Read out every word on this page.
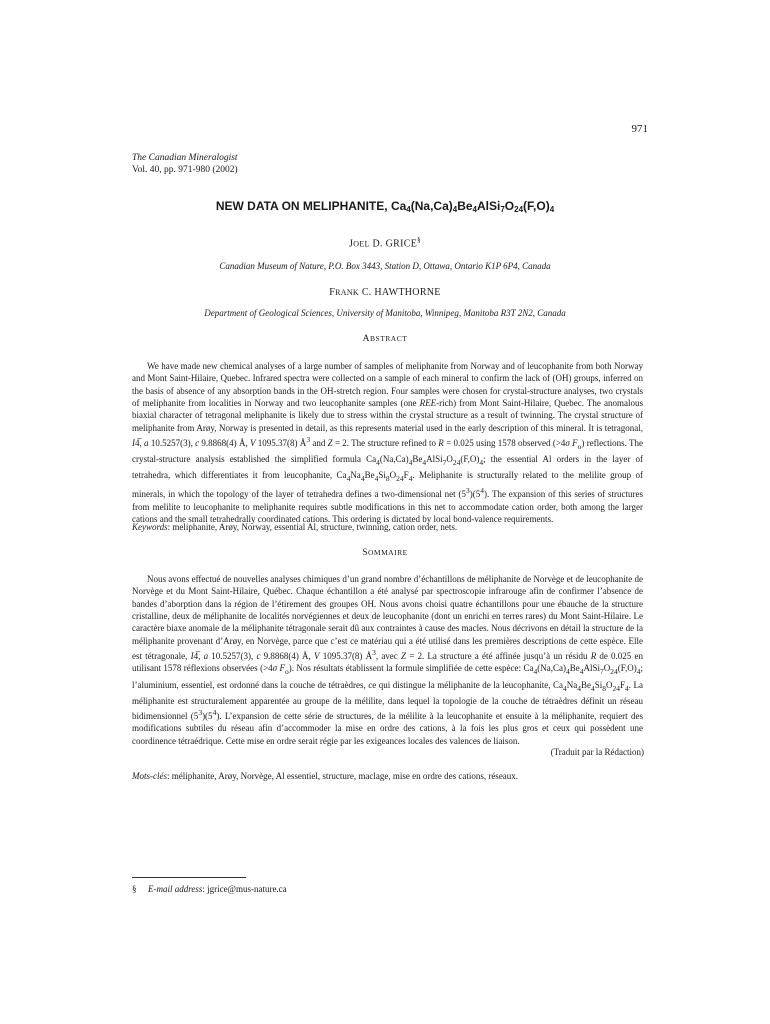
971
The Canadian Mineralogist
Vol. 40, pp. 971-980 (2002)
NEW DATA ON MELIPHANITE, $Ca_4(Na,Ca)_4Be_4AlSi_7O_{24}(F,O)_4$
JOEL D. GRICE§
Canadian Museum of Nature, P.O. Box 3443, Station D, Ottawa, Ontario K1P 6P4, Canada
FRANK C. HAWTHORNE
Department of Geological Sciences, University of Manitoba, Winnipeg, Manitoba R3T 2N2, Canada
ABSTRACT

We have made new chemical analyses of a large number of samples of meliphanite from Norway and of leucophanite from both Norway and Mont Saint-Hilaire, Quebec. Infrared spectra were collected on a sample of each mineral to confirm the lack of (OH) groups, inferred on the basis of absence of any absorption bands in the OH-stretch region. Four samples were chosen for crystal-structure analyses, two crystals of meliphanite from localities in Norway and two leucophanite samples (one REE-rich) from Mont Saint-Hilaire, Quebec. The anomalous biaxial character of tetragonal meliphanite is likely due to stress within the crystal structure as a result of twinning. The crystal structure of meliphanite from Arøy, Norway is presented in detail, as this represents material used in the early description of this mineral. It is tetragonal, I4̅, a 10.5257(3), c 9.8868(4) Å, V 1095.37(8) $Å^3$ and Z = 2. The structure refined to R = 0.025 using 1578 observed (>4σ $F_o$) reflections. The crystal-structure analysis established the simplified formula $Ca_4(Na,Ca)_4Be_4AlSi_7O_{24}(F,O)_4$; the essential Al orders in the layer of tetrahedra, which differentiates it from leucophanite, $Ca_4Na_4Be_4Si_8O_{24}F_4$. Meliphanite is structurally related to the melilite group of minerals, in which the topology of the layer of tetrahedra defines a two-dimensional net $(5^3)(5^4)$. The expansion of this series of structures from melilite to leucophanite to meliphanite requires subtle modifications in this net to accommodate cation order, both among the larger cations and the small tetrahedrally coordinated cations. This ordering is dictated by local bond-valence requirements.

Keywords: meliphanite, Arøy, Norway, essential Al, structure, twinning, cation order, nets.
SOMMAIRE

Nous avons effectué de nouvelles analyses chimiques d’un grand nombre d’échantillons de méliphanite de Norvège et de leucophanite de Norvège et du Mont Saint-Hilaire, Québec. Chaque échantillon a été analysé par spectroscopie infrarouge afin de confirmer l’absence de bandes d’aborption dans la région de l’étirement des groupes OH. Nous avons choisi quatre échantillons pour une ébauche de la structure cristalline, deux de méliphanite de localités norvégiennes et deux de leucophanite (dont un enrichi en terres rares) du Mont Saint-Hilaire. Le caractère biaxe anomale de la méliphanite tétragonale serait dû aux contraintes à cause des macles. Nous décrivons en détail la structure de la méliphanite provenant d’Arøy, en Norvège, parce que c’est ce matériau qui a été utilisé dans les premières descriptions de cette espèce. Elle est tétragonale, I4̅, a 10.5257(3), c 9.8868(4) Å, V 1095.37(8) $Å^3$, avec Z = 2. La structure a été affinée jusqu’à un résidu R de 0.025 en utilisant 1578 réflexions observées (>4σ $F_o$). Nos résultats établissent la formule simplifiée de cette espèce: $Ca_4(Na,Ca)_4Be_4AlSi_7O_{24}(F,O)_4$; l’aluminium, essentiel, est ordonné dans la couche de tétraèdres, ce qui distingue la méliphanite de la leucophanite, $Ca_4Na_4Be_4Si_8O_{24}F_4$. La méliphanite est structuralement apparentée au groupe de la mélilite, dans lequel la topologie de la couche de tétraèdres définit un réseau bidimensionnel $(5^3)(5^4)$. L’expansion de cette série de structures, de la mélilite à la leucophanite et ensuite à la méliphanite, requiert des modifications subtiles du réseau afin d’accommoder la mise en ordre des cations, à la fois les plus gros et ceux qui possèdent une coordinence tétraédrique. Cette mise en ordre serait régie par les exigeances locales des valences de liaison.

(Traduit par la Rédaction)
Mots-clés: méliphanite, Arøy, Norvège, Al essentiel, structure, maclage, mise en ordre des cations, réseaux.
§ E-mail address: jgrice@mus-nature.ca
